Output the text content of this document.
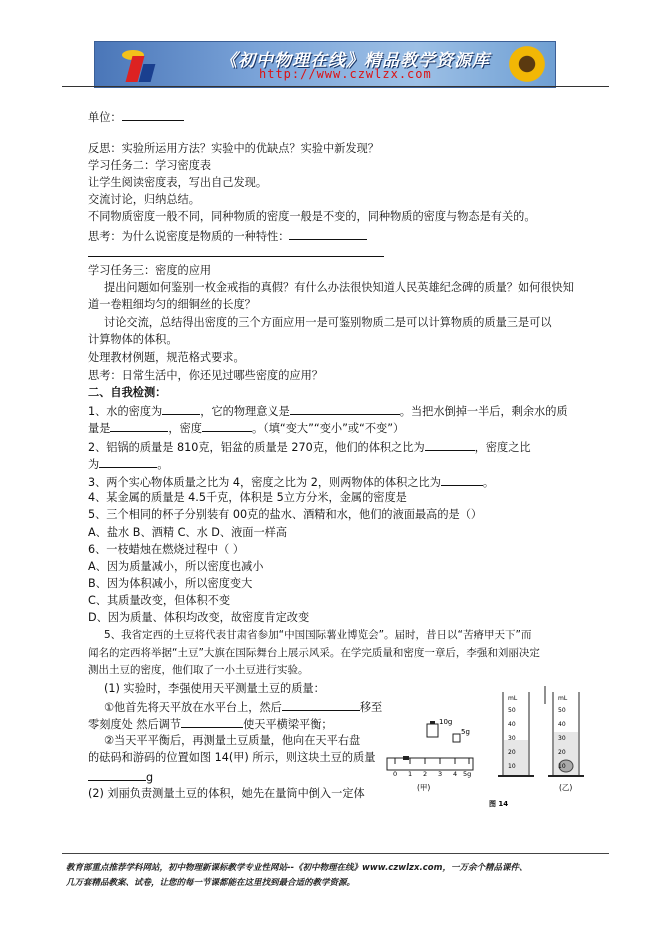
《初中物理在线》精品教学资源库
http://www.czwlzx.com
单位：
反思：实验所运用方法？实验中的优缺点？实验中新发现？
学习任务二：学习密度表
让学生阅读密度表，写出自己发现。
交流讨论，归纳总结。
不同物质密度一般不同，同种物质的密度一般是不变的，同种物质的密度与物态是有关的。
思考：为什么说密度是物质的一种特性：
学习任务三：密度的应用
提出问题如何鉴别一枚金戒指的真假？有什么办法很快知道人民英雄纪念碑的质量？如何很快知
道一卷粗细均匀的细铜丝的长度？
讨论交流，总结得出密度的三个方面应用一是可鉴别物质二是可以计算物质的质量三是可以
计算物体的体积。
处理教材例题，规范格式要求。
思考：日常生活中，你还见过哪些密度的应用？
二、自我检测：
1、水的密度为	，它的物理意义是	。当把水倒掉一半后，剩余水的质
量是	，密度	。（填“变大”“变小”或“不变”）
2、铝锅的质量是 810克，铝盆的质量是 270克，他们的体积之比为	，密度之比
为	。
3、两个实心物体质量之比为 4，密度之比为 2，则两物体的体积之比为	。
4、某金属的质量是 4.5千克，体积是 5立方分米，金属的密度是
5、三个相同的杯子分别装有 00克的盐水、酒精和水，他们的液面最高的是（）
A、盐水 B、酒精 C、水 D、液面一样高
6、一枝蜡烛在燃烧过程中（ ）
A、因为质量减小，所以密度也减小
B、因为体积减小，所以密度变大
C、其质量改变，但体积不变
D、因为质量、体积均改变，故密度肯定改变
5、我省定西的土豆将代表甘肃省参加“中国国际薯业博览会”。届时，昔日以“苦瘠甲天下”而
闻名的定西将举据“土豆”大旗在国际舞台上展示风采。在学完质量和密度一章后，李强和刘丽决定
测出土豆的密度，他们取了一小土豆进行实验。
(1) 实验时，李强使用天平测量土豆的质量：
①他首先将天平放在水平台上，然后	移至
零刻度处 然后调节	使天平横梁平衡；
②当天平平衡后，再测量土豆质量，他向在天平右盘
的砝码和游码的位置如图 14(甲) 所示，则这块土豆的质量
g
(2) 刘丽负责测量土豆的体积，她先在量筒中倒入一定体
10g
5g
0 1 2 3 4 5g
(甲)
mL
50
40
30
20
10
mL
50
40
30
20
10
(乙)
图 14
教育部重点推荐学科网站，初中物理新课标教学专业性网站--《初中物理在线》www.czwlzx.com，一万余个精品课件、
几万套精品教案、试卷，让您的每一节课都能在这里找到最合适的教学资源。
